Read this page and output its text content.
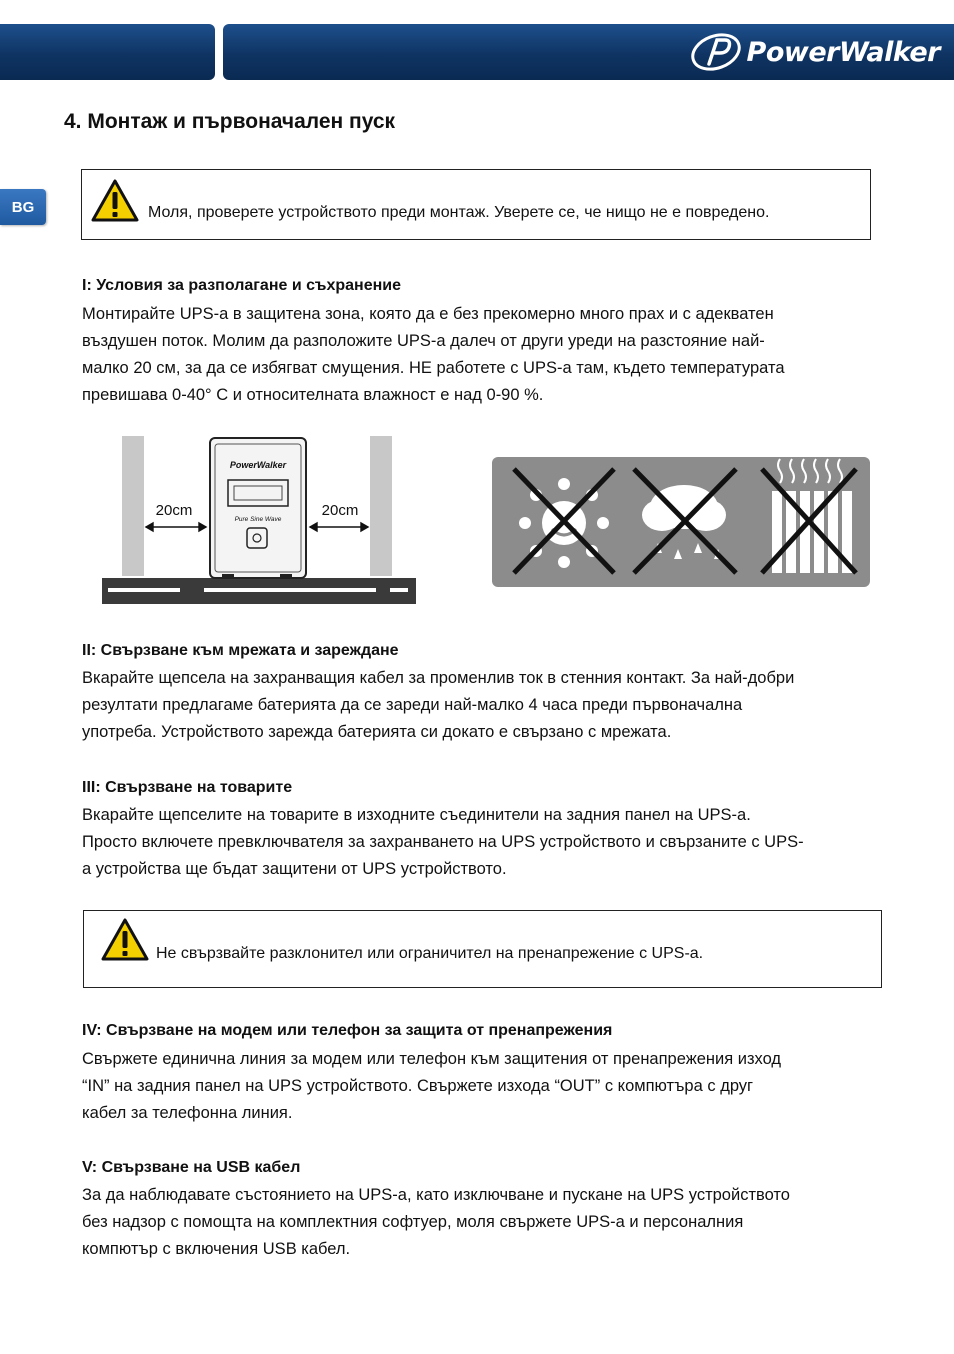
PowerWalker
BG
4. Монтаж и първоначален пуск
Моля, проверете устройството преди монтаж. Уверете се, че нищо не е повредено.
I: Условия за разполагане и съхранение

Монтирайте UPS-а в защитена зона, която да е без прекомерно много прах и с адекватен
въздушен поток. Молим да разположите UPS-а далеч от други уреди на разстояние най-
малко 20 см, за да се избягват смущения. НЕ работете с UPS-а там, където температурата
превишава 0-40° C и относителната влажност е над 0-90 %.

PowerWalker
Pure Sine Wave
20cm	20cm
II: Свързване към мрежата и зареждане

Вкарайте щепсела на захранващия кабел за променлив ток в стенния контакт. За най-добри
резултати предлагаме батерията да се зареди най-малко 4 часа преди първоначална
употреба. Устройството зарежда батерията си докато е свързано с мрежата.

III: Свързване на товарите

Вкарайте щепселите на товарите в изходните съединители на задния панел на UPS-а.
Просто включете превключвателя за захранването на UPS устройството и свързаните с UPS-
а устройства ще бъдат защитени от UPS устройството.

Не свързвайте разклонител или ограничител на пренапрежение с UPS-а.
IV: Свързване на модем или телефон за защита от пренапрежения

Свържете единична линия за модем или телефон към защитения от пренапрежения изход
“IN” на задния панел на UPS устройството. Свържете изхода “OUT” с компютъра с друг
кабел за телефонна линия.

V: Свързване на USB кабел

За да наблюдавате състоянието на UPS-а, като изключване и пускане на UPS устройството
без надзор с помощта на комплектния софтуер, моля свържете UPS-а и персоналния
компютър с включения USB кабел.
